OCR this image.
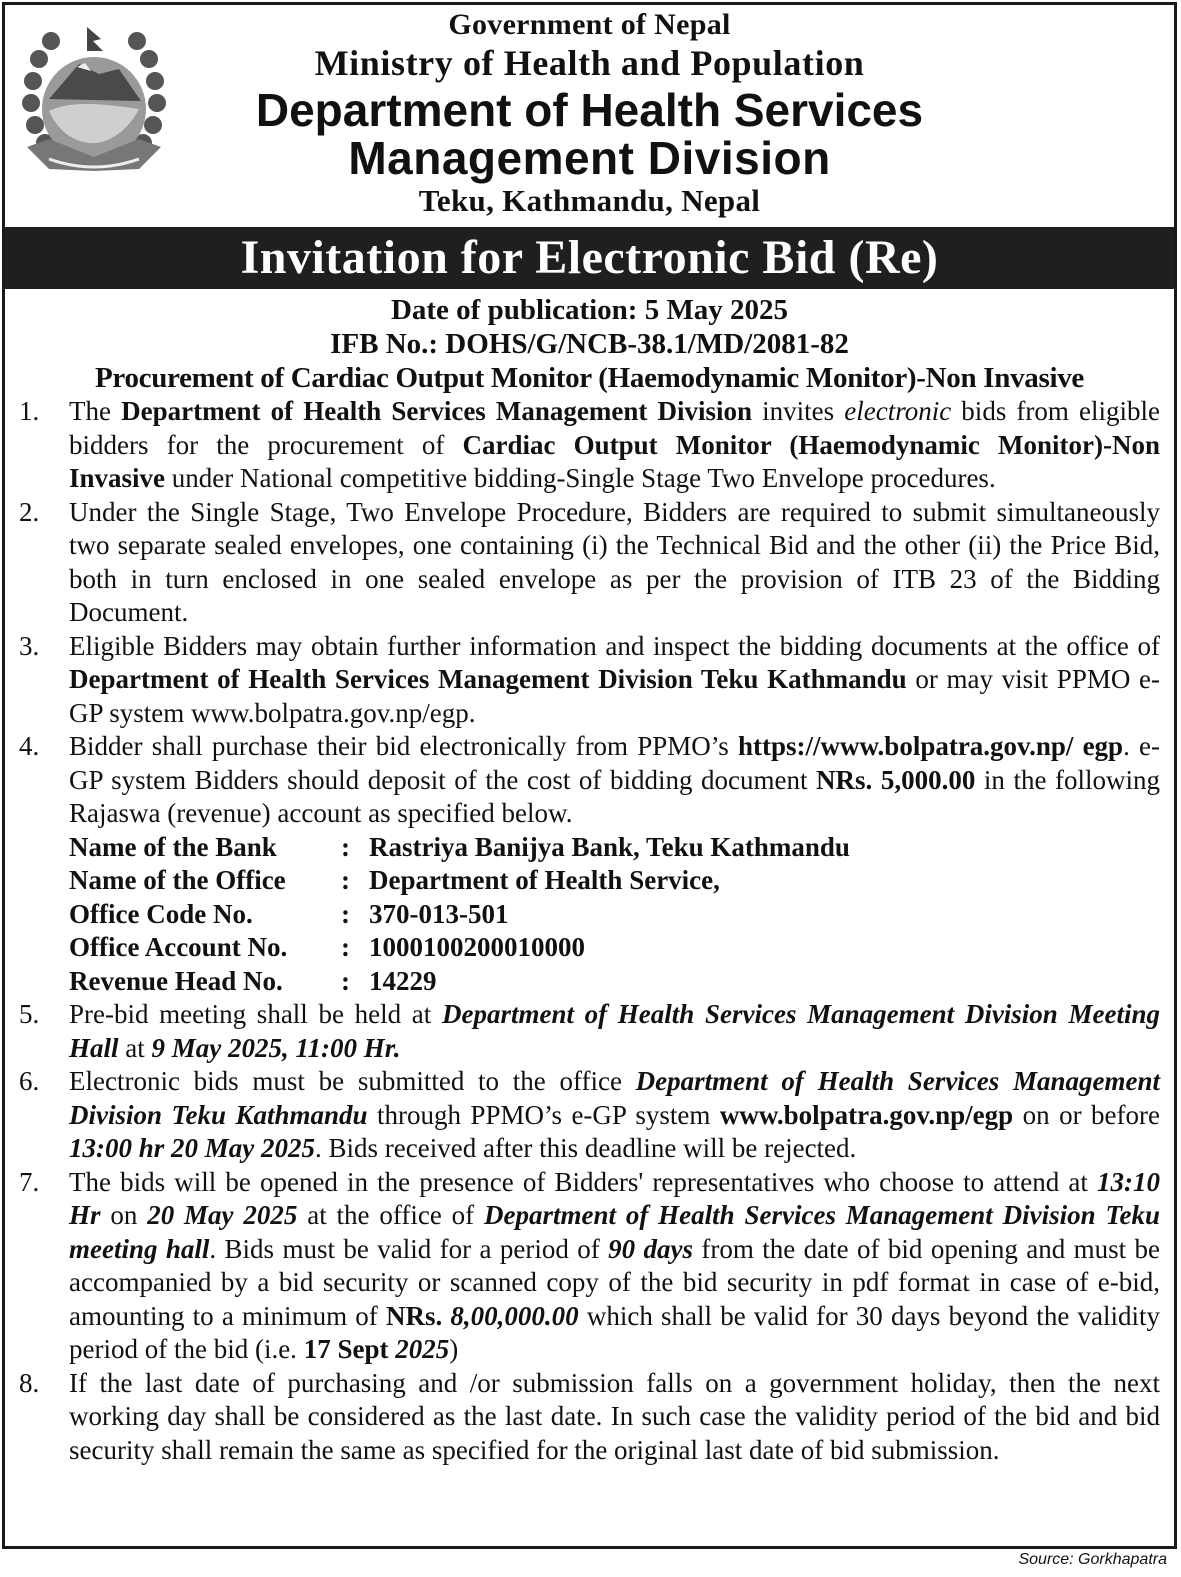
Government of Nepal
Ministry of Health and Population
Department of Health Services
Management Division
Teku, Kathmandu, Nepal
Invitation for Electronic Bid (Re)
Date of publication: 5 May 2025
IFB No.: DOHS/G/NCB-38.1/MD/2081-82
Procurement of Cardiac Output Monitor (Haemodynamic Monitor)-Non Invasive
1.	The Department of Health Services Management Division invites electronic bids from eligible bidders for the procurement of Cardiac Output Monitor (Haemodynamic Monitor)-Non Invasive under National competitive bidding-Single Stage Two Envelope procedures.
2.	Under the Single Stage, Two Envelope Procedure, Bidders are required to submit simultaneously two separate sealed envelopes, one containing (i) the Technical Bid and the other (ii) the Price Bid, both in turn enclosed in one sealed envelope as per the provision of ITB 23 of the Bidding Document.
3.	Eligible Bidders may obtain further information and inspect the bidding documents at the office of Department of Health Services Management Division Teku Kathmandu or may visit PPMO e-GP system www.bolpatra.gov.np/egp.
4.	Bidder shall purchase their bid electronically from PPMO’s https://www.bolpatra.gov.np/ egp. e-GP system Bidders should deposit of the cost of bidding document NRs. 5,000.00 in the following Rajaswa (revenue) account as specified below.
Name of the Bank	: Rastriya Banijya Bank, Teku Kathmandu
Name of the Office	: Department of Health Service,
Office Code No.	: 370-013-501
Office Account No.	: 1000100200010000
Revenue Head No.	: 14229
5.	Pre-bid meeting shall be held at Department of Health Services Management Division Meeting Hall at 9 May 2025, 11:00 Hr.
6.	Electronic bids must be submitted to the office Department of Health Services Management Division Teku Kathmandu through PPMO’s e-GP system www.bolpatra.gov.np/egp on or before 13:00 hr 20 May 2025. Bids received after this deadline will be rejected.
7.	The bids will be opened in the presence of Bidders' representatives who choose to attend at 13:10 Hr on 20 May 2025 at the office of Department of Health Services Management Division Teku meeting hall. Bids must be valid for a period of 90 days from the date of bid opening and must be accompanied by a bid security or scanned copy of the bid security in pdf format in case of e-bid, amounting to a minimum of NRs. 8,00,000.00 which shall be valid for 30 days beyond the validity period of the bid (i.e. 17 Sept 2025)
8.	If the last date of purchasing and /or submission falls on a government holiday, then the next working day shall be considered as the last date. In such case the validity period of the bid and bid security shall remain the same as specified for the original last date of bid submission.
Source: Gorkhapatra
